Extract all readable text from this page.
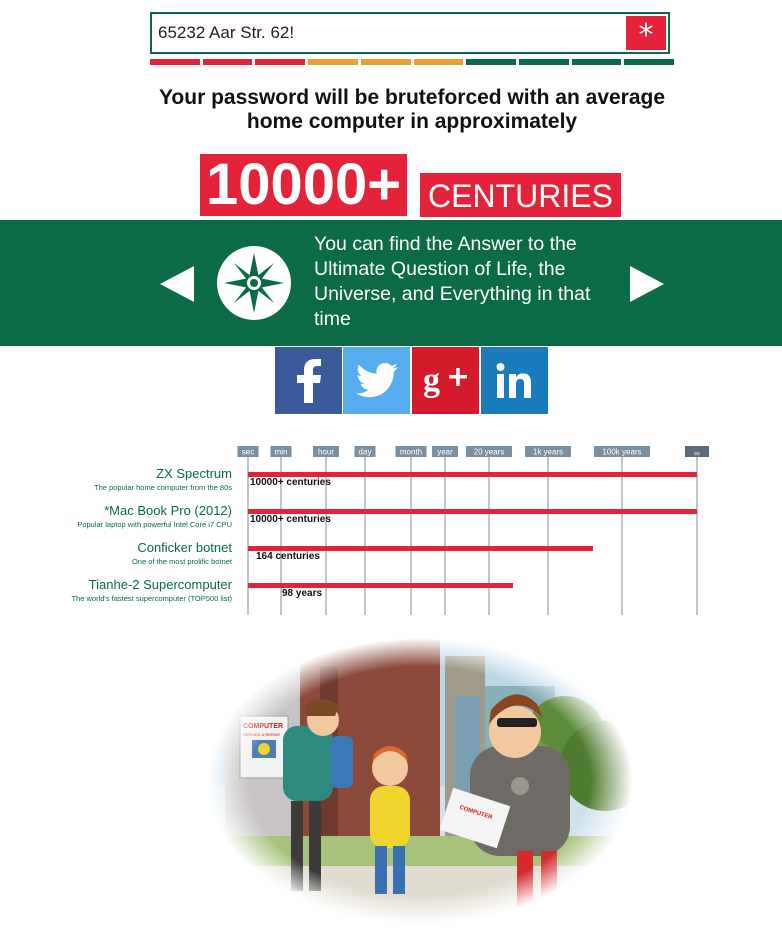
65232 Aar Str. 62!
*
Your password will be bruteforced with an average home computer in approximately
10000+ CENTURIES
You can find the Answer to the Ultimate Question of Life, the Universe, and Everything in that time
g
sec	min	hour	day	month year	20 years	1k years	100k years	∞
ZX Spectrum
The popular home computer from the 80s 10000+ centuries
*Mac Book Pro (2012)
Popular laptop with powerful Intel Core i7 CPU 10000+ centuries
Conficker botnet
One of the most prolific botnet 164 centuries
Tianhe-2 Supercomputer
The world's fastest supercomputer (TOP500 list)	98 years
